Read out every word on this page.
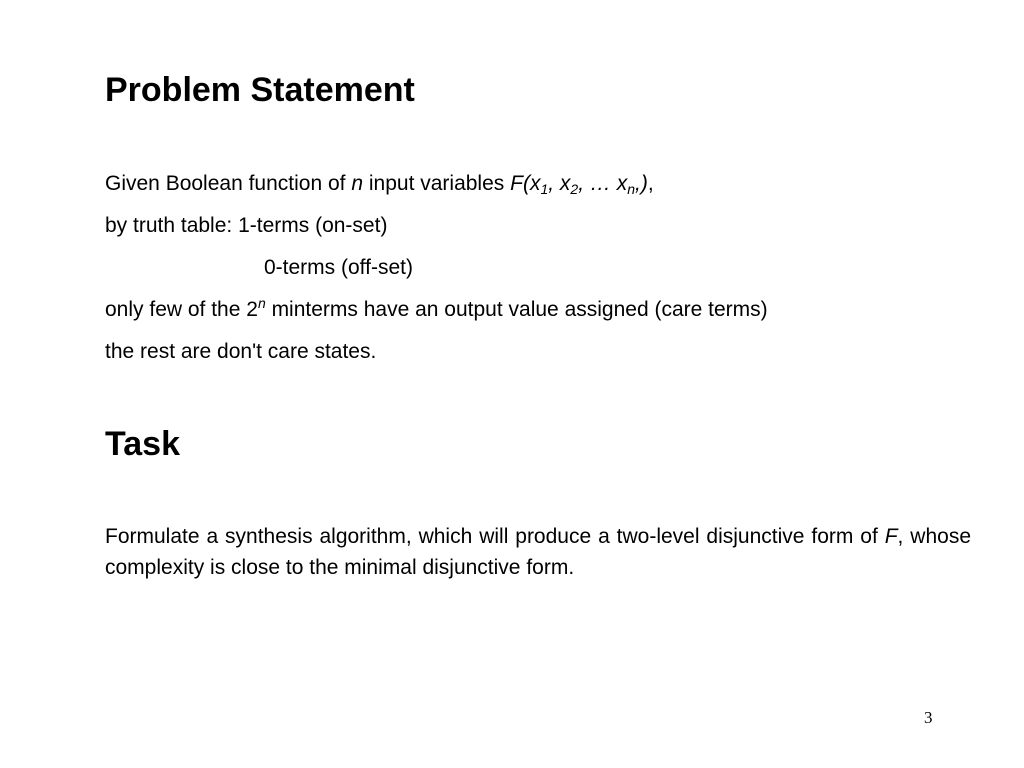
Problem Statement

Given Boolean function of n input variables $F(x_1$, $x_2$, … $x_n$,),

by truth table: 1-terms (on-set)

0-terms (off-set)

only few of the 2$^n$ minterms have an output value assigned (care terms)

the rest are don't care states.

Task

Formulate a synthesis algorithm, which will produce a two-level disjunctive form of F, whose complexity is close to the minimal disjunctive form.

3
